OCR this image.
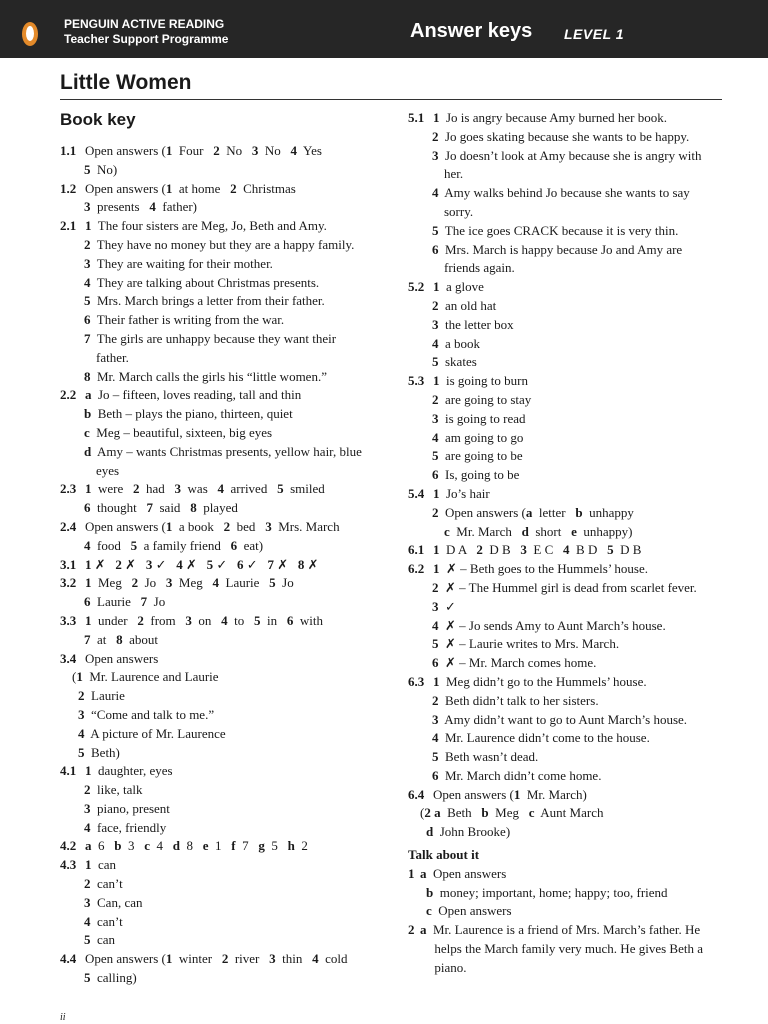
PENGUIN ACTIVE READING
Teacher Support Programme	Answer keys LEVEL 1
Little Women
Book key
1.1 Open answers (1  Four   2  No   3  No   4  Yes
5  No)
1.2 Open answers (1  at home   2  Christmas
3  presents   4  father)
2.1 1  The four sisters are Meg, Jo, Beth and Amy.
2  They have no money but they are a happy family.
3  They are waiting for their mother.
4  They are talking about Christmas presents.
5  Mrs. March brings a letter from their father.
6  Their father is writing from the war.
7  The girls are unhappy because they want their
father.
8  Mr. March calls the girls his “little women.”
2.2 a  Jo – fifteen, loves reading, tall and thin
b  Beth – plays the piano, thirteen, quiet
c  Meg – beautiful, sixteen, big eyes
d  Amy – wants Christmas presents, yellow hair, blue
eyes
2.3 1  were   2  had   3  was   4  arrived   5  smiled
6  thought   7  said   8  played
2.4 Open answers (1  a book   2  bed   3  Mrs. March
4  food   5  a family friend   6  eat)
3.1 1 ✗   2 ✗   3 ✓   4 ✗   5 ✓   6 ✓   7 ✗   8 ✗
3.2 1  Meg   2  Jo   3  Meg   4  Laurie   5  Jo
6  Laurie   7  Jo
3.3 1  under   2  from   3  on   4  to   5  in   6  with
7  at   8  about
3.4 Open answers
(1  Mr. Laurence and Laurie
2  Laurie
3  “Come and talk to me.”
4  A picture of Mr. Laurence
5  Beth)
4.1 1  daughter, eyes
2  like, talk
3  piano, present
4  face, friendly
4.2 a  6   b  3   c  4   d  8   e  1   f  7   g  5   h  2
4.3 1  can
2  can’t
3  Can, can
4  can’t
5  can
4.4 Open answers (1  winter   2  river   3  thin   4  cold
5  calling)
5.1 1  Jo is angry because Amy burned her book.
2  Jo goes skating because she wants to be happy.
3  Jo doesn’t look at Amy because she is angry with
her.
4  Amy walks behind Jo because she wants to say
sorry.
5  The ice goes CRACK because it is very thin.
6  Mrs. March is happy because Jo and Amy are
friends again.
5.2 1  a glove
2  an old hat
3  the letter box
4  a book
5  skates
5.3 1  is going to burn
2  are going to stay
3  is going to read
4  am going to go
5  are going to be
6  Is, going to be
5.4 1  Jo’s hair
2  Open answers (a  letter   b  unhappy
c  Mr. March   d  short   e  unhappy)
6.1 1  D A   2  D B   3  E C   4  B D   5  D B
6.2 1  ✗ – Beth goes to the Hummels’ house.
2  ✗ – The Hummel girl is dead from scarlet fever.
3  ✓
4  ✗ – Jo sends Amy to Aunt March’s house.
5  ✗ – Laurie writes to Mrs. March.
6  ✗ – Mr. March comes home.
6.3 1  Meg didn’t go to the Hummels’ house.
2  Beth didn’t talk to her sisters.
3  Amy didn’t want to go to Aunt March’s house.
4  Mr. Laurence didn’t come to the house.
5  Beth wasn’t dead.
6  Mr. March didn’t come home.
6.4 Open answers (1  Mr. March)
(2 a  Beth   b  Meg   c  Aunt March
d  John Brooke)
Talk about it
1 a  Open answers
b  money; important, home; happy; too, friend
c  Open answers
2 a  Mr. Laurence is a friend of Mrs. March’s father. He
helps the March family very much. He gives Beth a
piano.
ii
